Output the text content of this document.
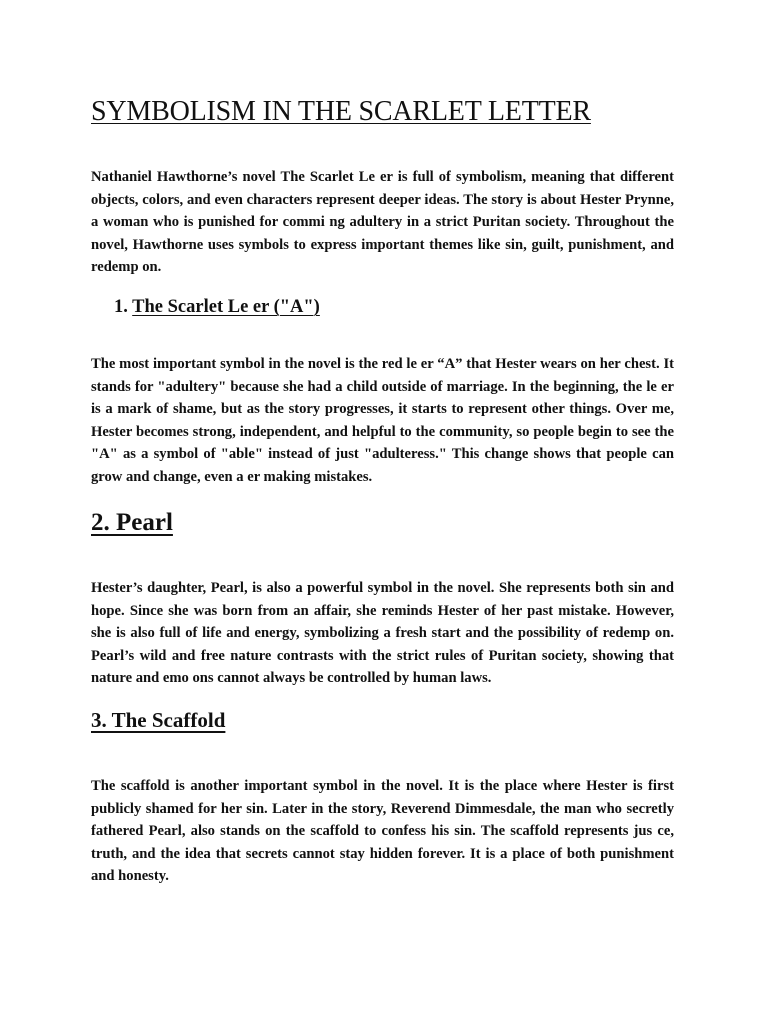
SYMBOLISM IN THE SCARLET LETTER

Nathaniel Hawthorne’s novel The Scarlet Le er is full of symbolism, meaning that different objects, colors, and even characters represent deeper ideas. The story is about Hester Prynne, a woman who is punished for commi ng adultery in a strict Puritan society. Throughout the novel, Hawthorne uses symbols to express important themes like sin, guilt, punishment, and redemp on.

1. The Scarlet Le er ("A")

The most important symbol in the novel is the red le er “A” that Hester wears on her chest. It stands for "adultery" because she had a child outside of marriage. In the beginning, the le er is a mark of shame, but as the story progresses, it starts to represent other things. Over me, Hester becomes strong, independent, and helpful to the community, so people begin to see the "A" as a symbol of "able" instead of just "adulteress." This change shows that people can grow and change, even a er making mistakes.

2. Pearl

Hester’s daughter, Pearl, is also a powerful symbol in the novel. She represents both sin and hope. Since she was born from an affair, she reminds Hester of her past mistake. However, she is also full of life and energy, symbolizing a fresh start and the possibility of redemp on. Pearl’s wild and free nature contrasts with the strict rules of Puritan society, showing that nature and emo ons cannot always be controlled by human laws.

3. The Scaffold

The scaffold is another important symbol in the novel. It is the place where Hester is first publicly shamed for her sin. Later in the story, Reverend Dimmesdale, the man who secretly fathered Pearl, also stands on the scaffold to confess his sin. The scaffold represents jus ce, truth, and the idea that secrets cannot stay hidden forever. It is a place of both punishment and honesty.
